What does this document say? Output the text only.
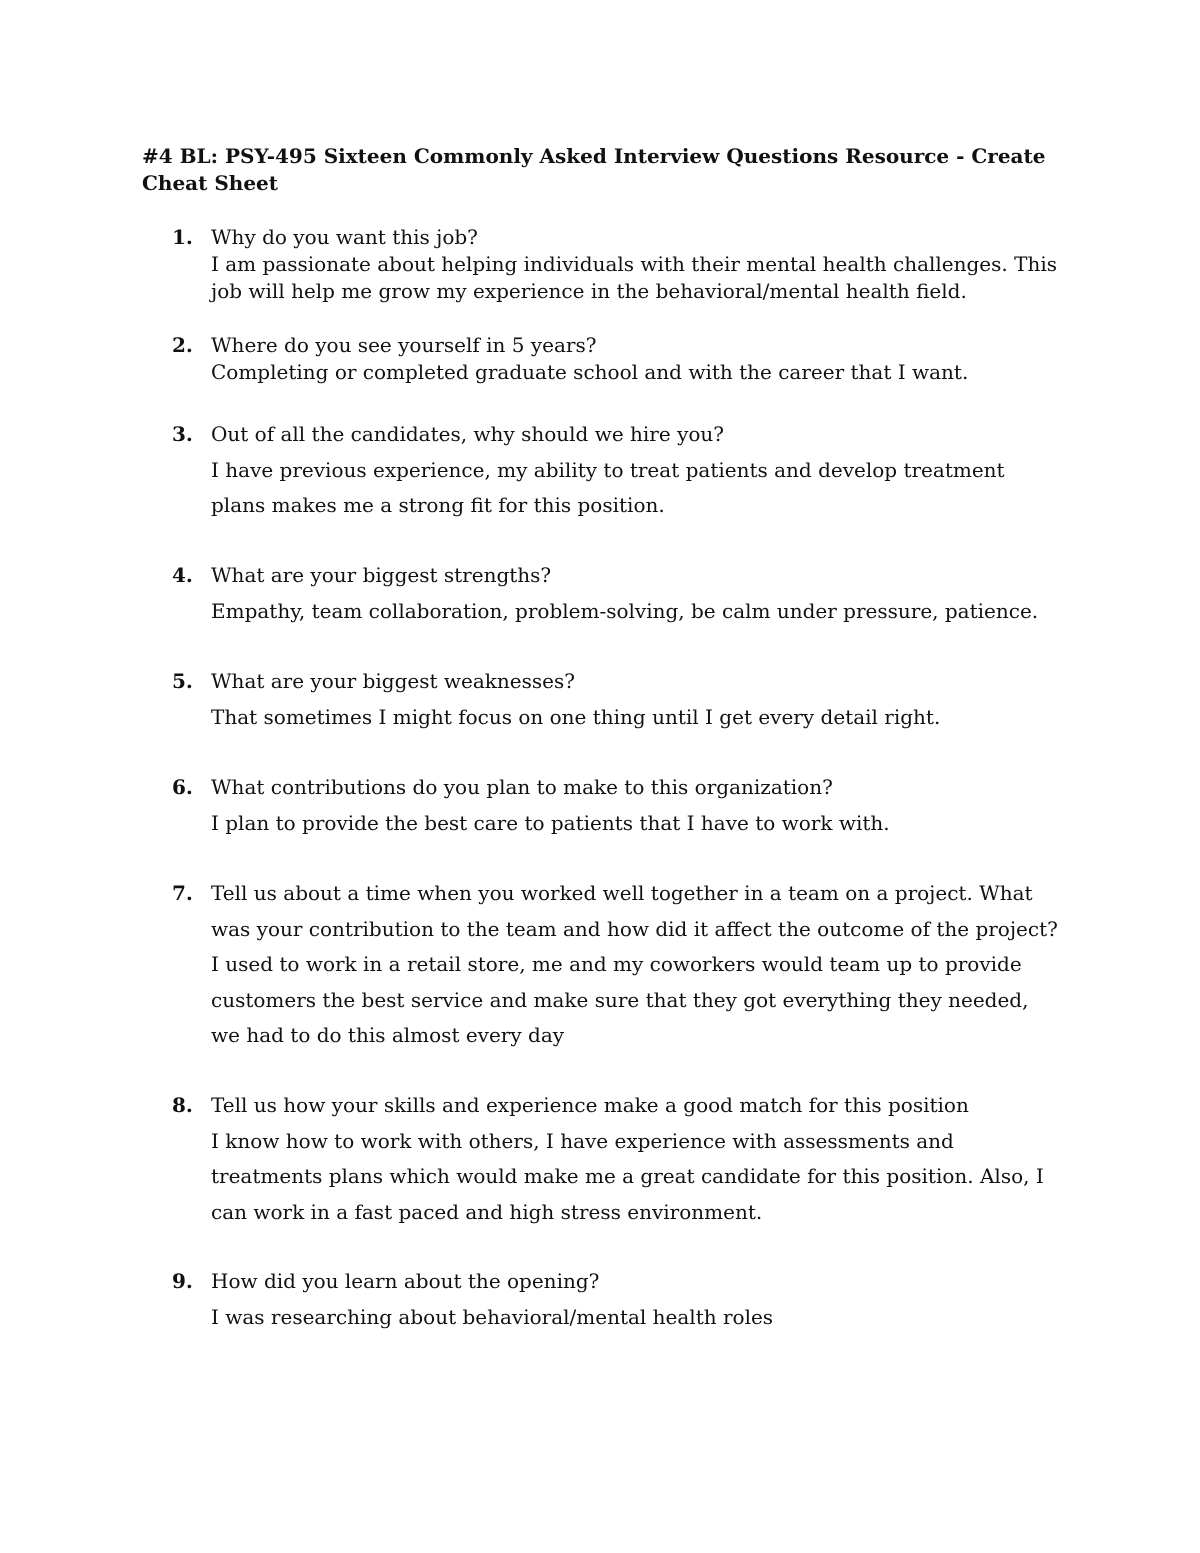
#4 BL: PSY-495 Sixteen Commonly Asked Interview Questions Resource - Create Cheat Sheet
1. Why do you want this job?
I am passionate about helping individuals with their mental health challenges. This job will help me grow my experience in the behavioral/mental health field.
2. Where do you see yourself in 5 years?
Completing or completed graduate school and with the career that I want.
3. Out of all the candidates, why should we hire you?
I have previous experience, my ability to treat patients and develop treatment plans makes me a strong fit for this position.
4. What are your biggest strengths?
Empathy, team collaboration, problem-solving, be calm under pressure, patience.
5. What are your biggest weaknesses?
That sometimes I might focus on one thing until I get every detail right.
6. What contributions do you plan to make to this organization?
I plan to provide the best care to patients that I have to work with.
7. Tell us about a time when you worked well together in a team on a project. What was your contribution to the team and how did it affect the outcome of the project?
I used to work in a retail store, me and my coworkers would team up to provide customers the best service and make sure that they got everything they needed, we had to do this almost every day
8. Tell us how your skills and experience make a good match for this position
I know how to work with others, I have experience with assessments and treatments plans which would make me a great candidate for this position. Also, I can work in a fast paced and high stress environment.
9. How did you learn about the opening?
I was researching about behavioral/mental health roles
